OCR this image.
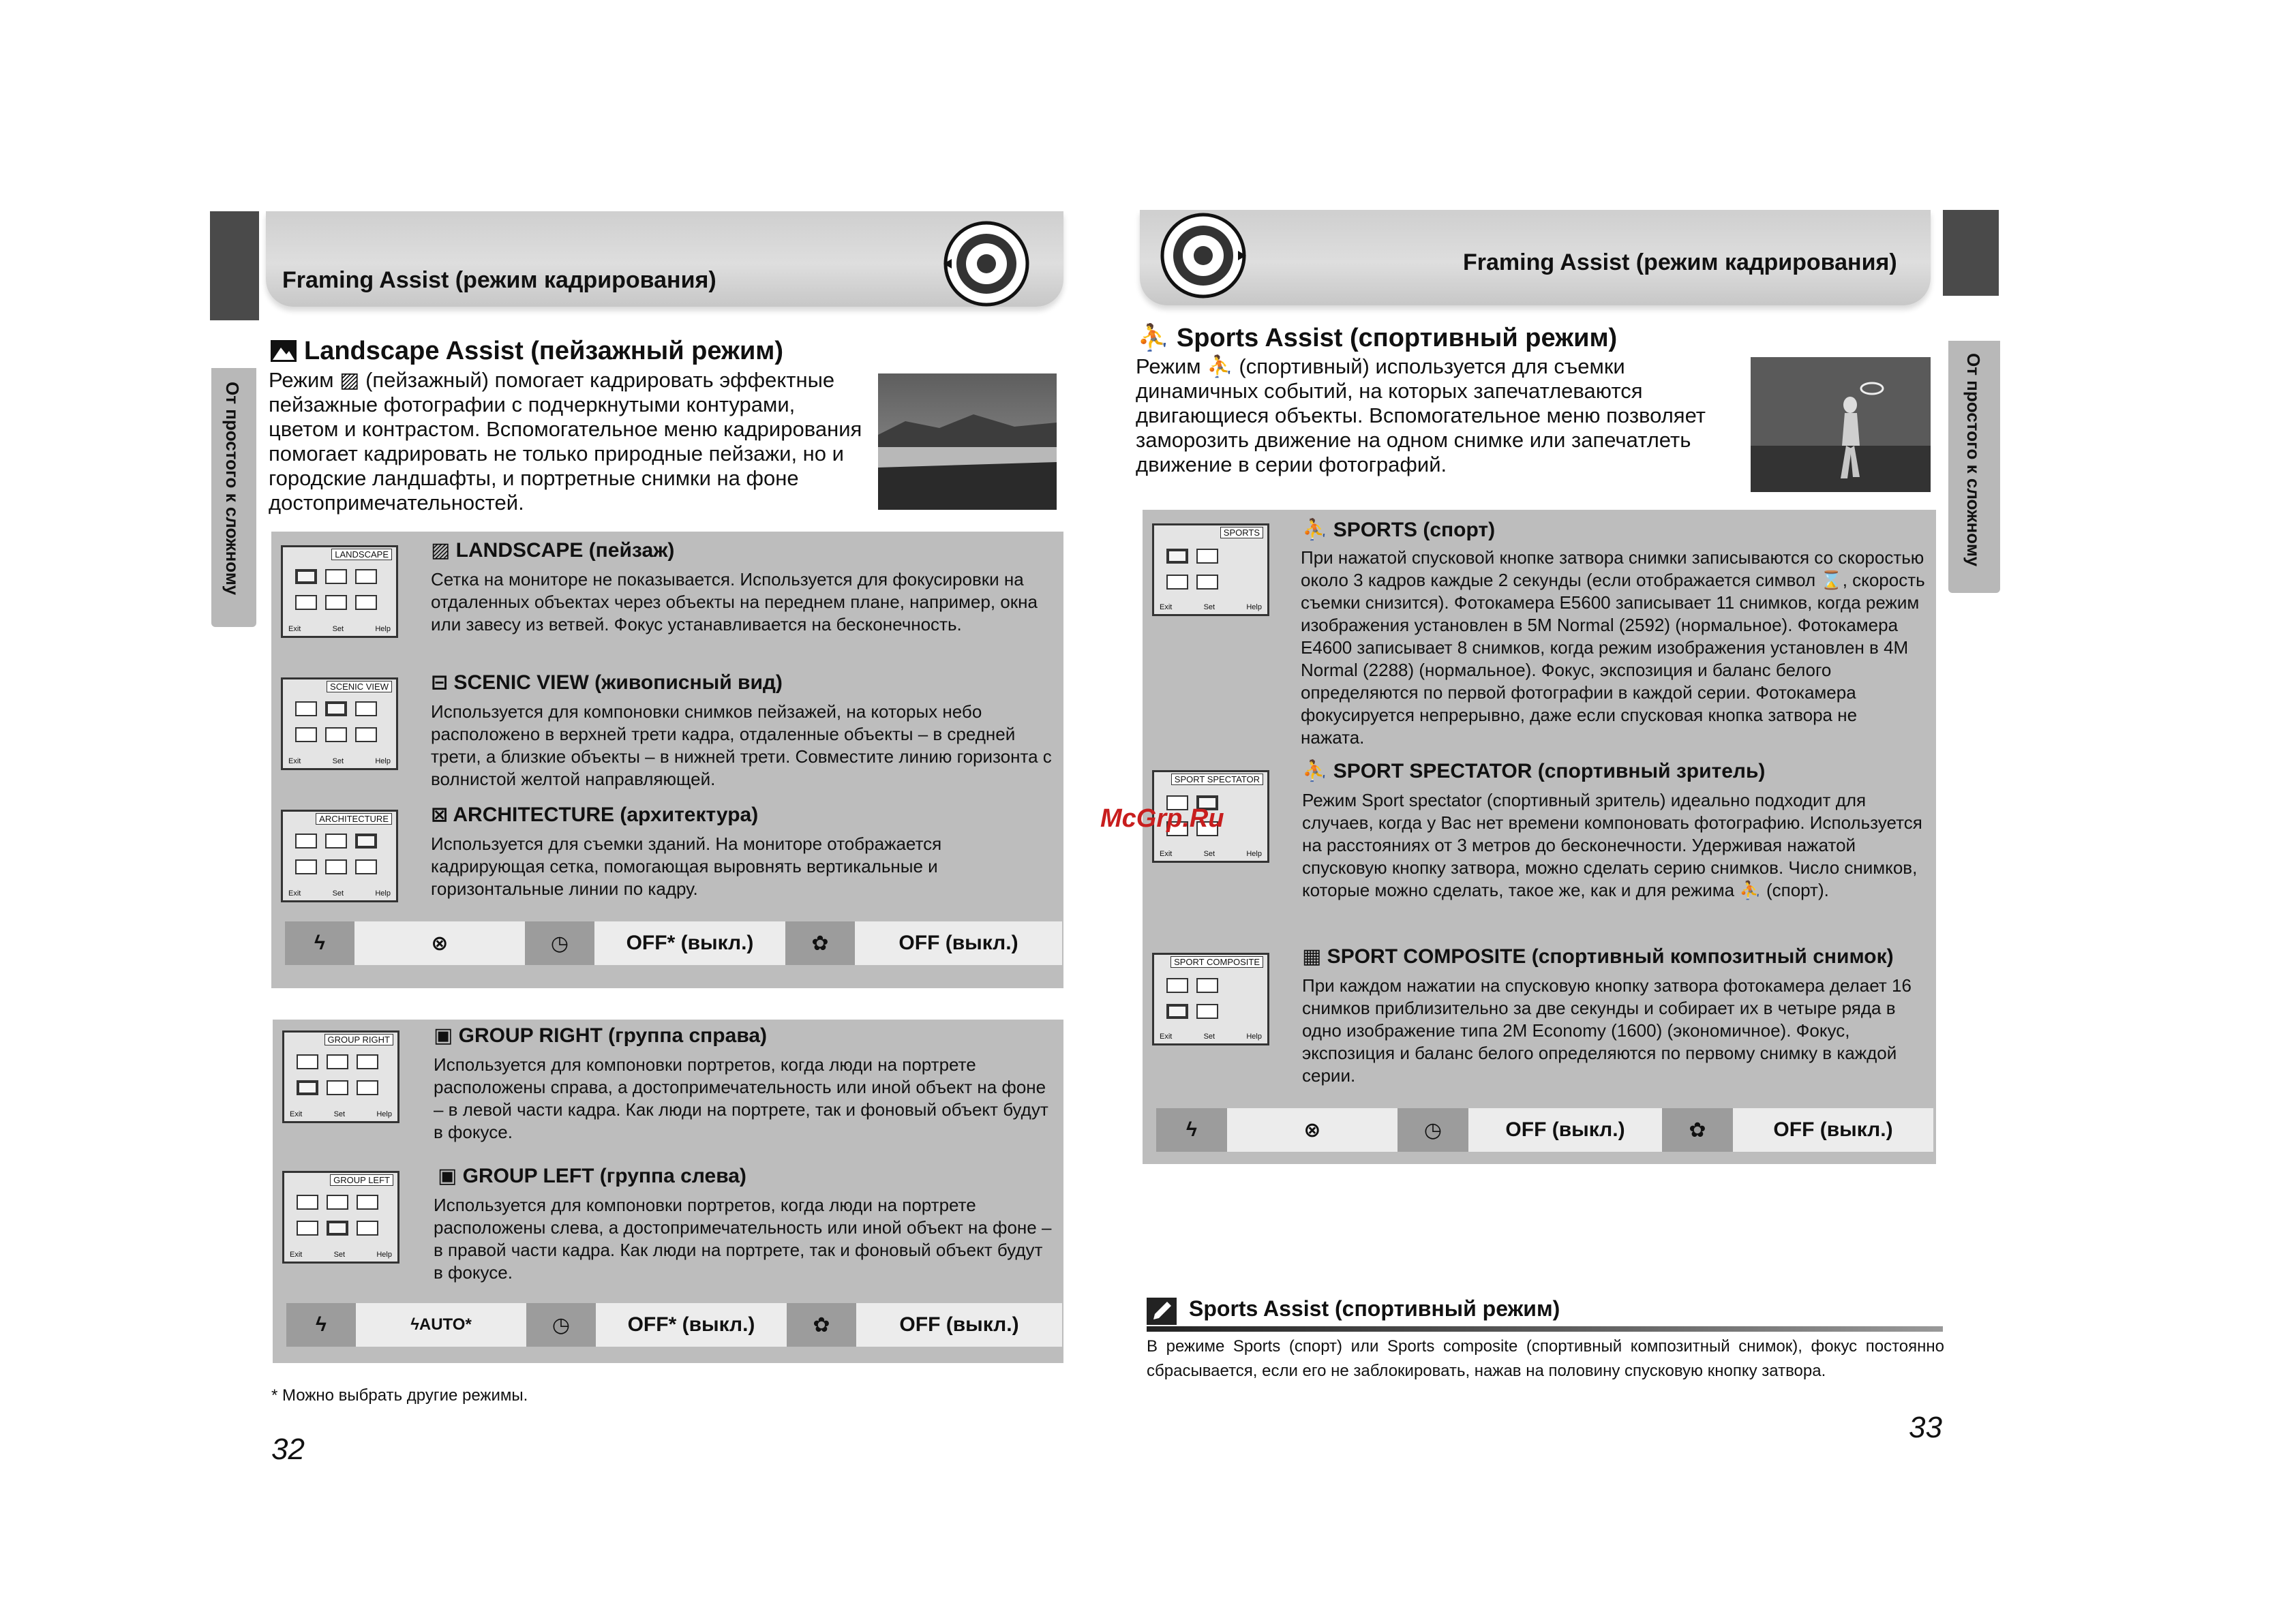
Framing Assist (режим кадрирования)
От простого к сложному
Landscape Assist (пейзажный режим)
Режим ▨ (пейзажный) помогает кадрировать эффектные пейзажные фотографии с подчеркнутыми контурами, цветом и контрастом. Вспомогательное меню кадрирования помогает кадрировать не только природные пейзажи, но и городские ландшафты, и портретные снимки на фоне достопримечательностей.
LANDSCAPE
Exit	Set	Help
▨ LANDSCAPE (пейзаж)
Сетка на мониторе не показывается. Используется для фокусировки на отдаленных объектах через объекты на переднем плане, например, окна или завесу из ветвей. Фокус устанавливается на бесконечность.
SCENIC VIEW
Exit	Set	Help
⊟ SCENIC VIEW (живописный вид)
Используется для компоновки снимков пейзажей, на которых небо расположено в верхней трети кадра, отдаленные объекты – в средней трети, а близкие объекты – в нижней трети. Совместите линию горизонта с волнистой желтой направляющей.
ARCHITECTURE
Exit	Set	Help
⊠ ARCHITECTURE (архитектура)
Используется для съемки зданий. На мониторе отображается кадрирующая сетка, помогающая выровнять вертикальные и горизонтальные линии по кадру.
ϟ	⊗	◷	OFF* (выкл.)	✿	OFF (выкл.)
GROUP RIGHT
Exit	Set	Help
▣ GROUP RIGHT (группа справа)
Используется для компоновки портретов, когда люди на портрете расположены справа, а достопримечательность или иной объект на фоне – в левой части кадра. Как люди на портрете, так и фоновый объект будут в фокусе.
GROUP LEFT
Exit	Set	Help
▣ GROUP LEFT (группа слева)
Используется для компоновки портретов, когда люди на портрете расположены слева, а достопримечательность или иной объект на фоне – в правой части кадра. Как люди на портрете, так и фоновый объект будут в фокусе.
ϟ	ϟAUTO*	◷	OFF* (выкл.)	✿	OFF (выкл.)
* Можно выбрать другие режимы.
32
Framing Assist (режим кадрирования)
От простого к сложному
⛹ Sports Assist (спортивный режим)
Режим ⛹ (спортивный) используется для съемки динамичных событий, на которых запечатлеваются двигающиеся объекты. Вспомогательное меню позволяет заморозить движение на одном снимке или запечатлеть движение в серии фотографий.
SPORTS
Exit	Set	Help
⛹ SPORTS (спорт)
При нажатой спусковой кнопке затвора снимки записываются со скоростью около 3 кадров каждые 2 секунды (если отображается символ ⌛, скорость съемки снизится). Фотокамера E5600 записывает 11 снимков, когда режим изображения установлен в 5M Normal (2592) (нормальное). Фотокамера E4600 записывает 8 снимков, когда режим изображения установлен в 4M Normal (2288) (нормальное). Фокус, экспозиция и баланс белого определяются по первой фотографии в каждой серии. Фотокамера фокусируется непрерывно, даже если спусковая кнопка затвора не нажата.
SPORT SPECTATOR
Exit	Set	Help
⛹ SPORT SPECTATOR (спортивный зритель)
Режим Sport spectator (спортивный зритель) идеально подходит для случаев, когда у Вас нет времени компоновать фотографию. Используется на расстояниях от 3 метров до бесконечности. Удерживая нажатой спусковую кнопку затвора, можно сделать серию снимков. Число снимков, которые можно сделать, такое же, как и для режима ⛹ (спорт).
SPORT COMPOSITE
Exit	Set	Help
▦ SPORT COMPOSITE (спортивный композитный снимок)
При каждом нажатии на спусковую кнопку затвора фотокамера делает 16 снимков приблизительно за две секунды и собирает их в четыре ряда в одно изображение типа 2M Economy (1600) (экономичное). Фокус, экспозиция и баланс белого определяются по первому снимку в каждой серии.
ϟ	⊗	◷	OFF (выкл.)	✿	OFF (выкл.)
Sports Assist (спортивный режим)
В режиме Sports (спорт) или Sports composite (спортивный композитный снимок), фокус постоянно сбрасывается, если его не заблокировать, нажав на половину спусковую кнопку затвора.
33
McGrp.Ru
